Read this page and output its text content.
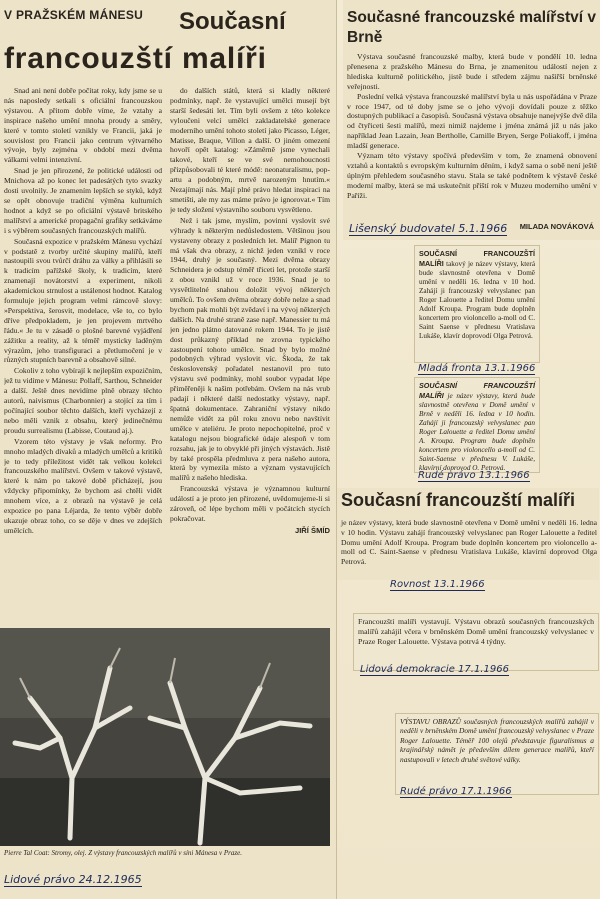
V PRAŽSKÉM MÁNESU Současní
francouzští malíři

Snad ani není dobře počítat roky, kdy jsme se u nás naposledy setkali s oficiální francouzskou výstavou. A přitom dobře víme, že vztahy a inspirace našeho umění mnoha proudy a směry, které v tomto století vznikly ve Francii, jaká je souvislost pro Francii jako centrum výtvarného vývoje, byly zejména v období mezi dvěma válkami velmi intenzivní.

Snad je jen přirozené, že politické události od Mnichova až po konec let padesátých tyto svazky dosti uvolnily. Je znamením lepších se styků, když se opět obnovuje tradiční výměna kulturních hodnot a když se po oficiální výstavě britského malířství a americké propagační grafiky setkáváme i s výběrem současných francouzských malířů.

Současná expozice v pražském Mánesu vychází v podstatě z tvorby určité skupiny malířů, kteří nastoupili svou tvůrčí dráhu za války a přihlásili se k tradicím pařížské školy, k tradicím, které znamenají novátorství a experiment, nikoli akademickou strnulost a ustálenost hodnot. Katalog formuluje jejich program velmi rámcově slovy: »Perspektiva, šerosvit, modelace, vše to, co bylo dříve předpokladem, je jen projevem mrtvého řádu.« Je tu v zásadě o plošné barevné vyjádření zážitku a reality, až k téměř mysticky laděným výrazům, jeho transfiguraci a přetlumočení je v různých stupních barevně a obsahově silné.

Cokoliv z toho vybírají k nejlepším expozičním, jež tu vidíme v Mánesu: Pollaff, Sarthou, Schneider a další. Ještě dnes nevidíme plně obrazy těchto autorů, naivismus (Charbonnier) a stojící za tím i počínající soubor těchto dalších, kteří vycházejí z nebo měli vznik z obsahu, který jedinečnému proudu surrealismu (Labisse, Coutaud aj.).

Vzorem této výstavy je však neformy. Pro mnoho mladých dívaků a mladých umělců a kritiků je to tedy příležitost vidět tak velkou kolekci francouzského malířství. Ovšem v takové výstavě, které k nám po takové době přicházejí, jsou vždycky připomínky, že bychom asi chtěli vidět mnohem více, a z obrazů na výstavě je celá expozice po pana Léjarda, že tento výběr dobře ukazuje obraz toho, co se děje v dnes ve zdejších umělcích.

do dalších států, která si kladly některé podmínky, např. že vystavující umělci musejí být starší šedesáti let. Tím byli ovšem z této kolekce vyloučeni velcí umělci zakladatelské generace moderního umění tohoto století jako Picasso, Léger, Matisse, Braque, Villon a další. O jiném omezení hovoří opět katalog: »Záměrně jsme vynechali takové, kteří se ve své nemohoucnosti přizpůsobovali té které módě: neonaturalismu, pop-artu a podobným, mrtvě narozeným hnutím.« Nezajímají nás. Mají plné právo hledat inspiraci na smetišti, ale my zas máme právo je ignorovat.« Tím je tedy složení výstavního souboru vysvětleno.

Než i tak jsme, myslím, povinni vyslovit své výhrady k některým nedůsledostem. Většinou jsou vystaveny obrazy z posledních let. Malíř Pignon tu má však dva obrazy, z nichž jeden vznikl v roce 1944, druhý je současný. Mezi dvěma obrazy Schneidera je odstup téměř třiceti let, protože starší z obou vznikl už v roce 1936. Snad je to vysvětlitelné snahou doložit vývoj některých umělců. To ovšem dvěma obrazy dobře nelze a snad bychom pak mohli být zvědaví i na vývoj některých dalších. Na druhé straně zase např. Manessier tu má jen jedno plátno datované rokem 1944. To je jistě dost průkazný příklad ne zrovna typického zastoupení tohoto umělce. Snad by bylo možné podobných výhrad vyslovit víc. Škoda, že tak československý pořadatel nestanovil pro tuto výstavu své podmínky, mohl soubor vypadat lépe přiměřeněji k našim potřebám. Ovšem na nás vrub padají i některé další nedostatky výstavy, např. špatná dokumentace. Zahraniční výstavy nikdo nemůže vidět za půl roku znovu nebo navštívit umělce v ateliéru. Je proto nepochopitelné, proč v katalogu nejsou biografické údaje alespoň v tom rozsahu, jak je to obvyklé při jiných výstavách. Jistě by také prospěla předmluva z pera našeho autora, která by vymezila místo a význam vystavujících malířů z našeho hlediska.

Francouzská výstava je významnou kulturní událostí a je proto jen přirozené, uvědomujeme-li si zároveň, oč lépe bychom měli v počátcích stycích pokračovat.

JIŘÍ ŠMÍD
Pierre Tal Coat: Stromy, olej. Z výstavy francouzských malířů v síni Mánesa v Praze.
Lidové právo 24.12.1965
Současné francouzské malířství v Brně

Výstava současné francouzské malby, která bude v pondělí 10. ledna přenesena z pražského Mánesu do Brna, je znamenitou událostí nejen z hlediska kulturně politického, jistě bude i středem zájmu našiřší brněnské veřejnosti.

Poslední velká výstava francouzské malířství byla u nás uspořádána v Praze v roce 1947, od té doby jsme se o jeho vývoji dovídali pouze z těžko dostupných publikací a časopisů. Současná výstava obsahuje nanejvýše dvě díla od čtyřiceti šesti malířů, mezi nimiž najdeme i jména známá již u nás jako například Jean Lazain, Jean Bertholle, Camille Bryen, Serge Poliakoff, i jména mladší generace.

Význam této výstavy spočívá především v tom, že znamená obnovení vztahů a kontaktů s evropským kulturním děním, i když sama o sobě není ještě úplným přehledem současného stavu. Stala se také podnětem k výstavě české moderní malby, která se má uskutečnit příští rok v Muzeu moderního umění v Paříži.

MILADA NOVÁKOVÁ
Lišenský budovatel 5.1.1966
SOUČASNÍ FRANCOUZŠTÍ MALÍŘI takový je název výstavy, která bude slavnostně otevřena v Domě umění v neděli 16. ledna v 10 hod. Zahájí ji francouzský velvyslanec pan Roger Lalouette a ředitel Domu umění Adolf Kroupa. Program bude doplněn koncertem pro violoncello a-moll od C. Saint Saense v přednesu Vratislava Lukáše, klavír doprovodí Olga Petrová.
Mladá fronta 13.1.1966
SOUČASNÍ FRANCOUZŠTÍ MALÍŘI je název výstavy, která bude slavnostně otevřena v Domě umění v Brně v neděli 16. ledna v 10 hodin. Zahájí ji francouzský velvyslanec pan Roger Lalouette a ředitel Domu umění A. Kroupa. Program bude doplněn koncertem pro violoncello a-moll od C. Saint-Saense v přednesu V. Lukáše, klavírní doprovod O. Petrová.
Rudé právo 13.1.1966
Současní francouzští malíři
je název výstavy, která bude slavnostně otevřena v Domě umění v neděli 16. ledna v 10 hodin. Výstavu zahájí francouzský velvyslanec pan Roger Lalouette a ředitel Domu umění Adolf Kroupa. Program bude doplněn koncertem pro violoncello a-moll od C. Saint-Saense v přednesu Vratislava Lukáše, klavírní doprovod Olga Petrová.
Rovnost 13.1.1966
Francouzští malíři vystavují. Výstavu obrazů současných francouzských malířů zahájil včera v brněnském Domě umění francouzský velvyslanec v Praze Roger Lalouette. Výstava potrvá 4 týdny.
Lidová demokracie 17.1.1966
VÝSTAVU OBRAZŮ současných francouzských malířů zahájil v neděli v brněnském Domě umění francouzský velvyslanec v Praze Roger Lalouette. Téměř 100 olejů představuje figuralismus a krajinářský námět je především dílem generace malířů, kteří nastupovali v letech druhé světové války.
Rudé právo 17.1.1966
